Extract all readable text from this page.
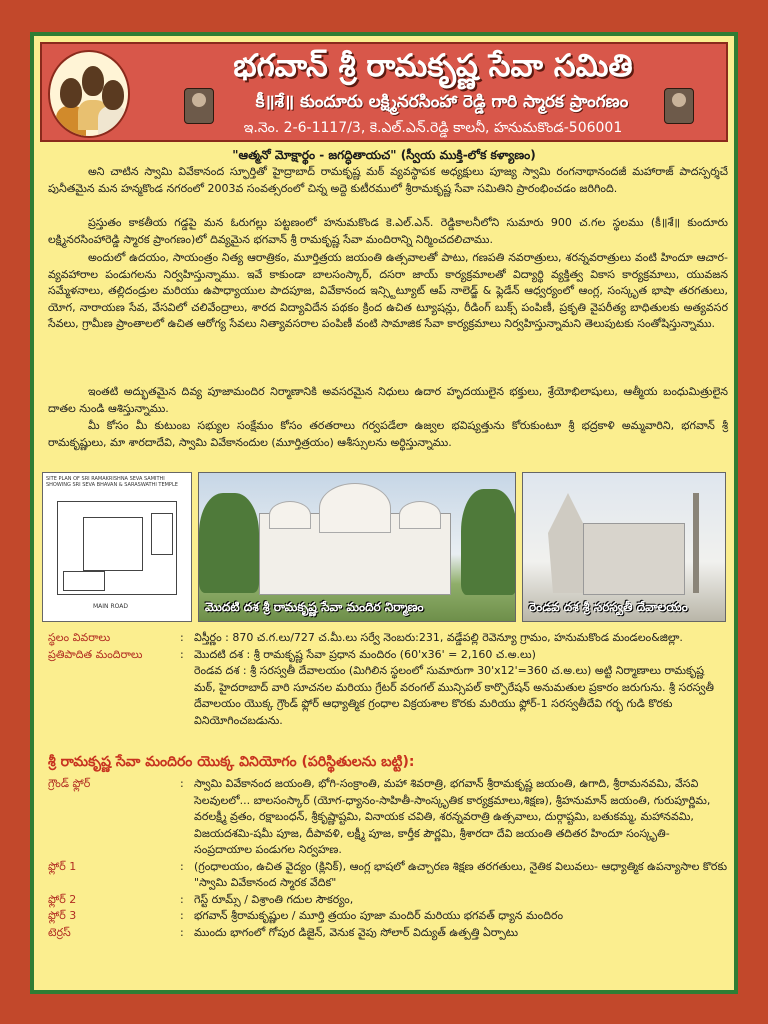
భగవాన్ శ్రీ రామకృష్ణ సేవా సమితి
కీ॥శే॥ కుందూరు లక్ష్మినరసింహా రెడ్డి గారి స్మారక ప్రాంగణం
ఇ.నెం. 2-6-1117/3, కె.ఎల్.ఎన్.రెడ్డి కాలనీ, హనుమకొండ-506001
"ఆత్మనో మోక్షార్థం - జగద్ధితాయచ" (స్వీయ ముక్తి-లోక కళ్యాణం)
అని చాటిన స్వామి వివేకానంద స్ఫూర్తితో హైద్రాబాద్ రామకృష్ణ మఠ్ వ్యవస్థాపక అధ్యక్షులు పూజ్య స్వామి రంగనాథానందజీ మహారాజ్ పాదస్పర్శచే పునీతమైన మన హన్మకొండ నగరంలో 2003వ సంవత్సరంలో చిన్న అద్దె కుటీరములో శ్రీరామకృష్ణ సేవా సమితిని ప్రారంభించడం జరిగింది.
ప్రస్తుతం కాకతీయ గడ్డపై మన ఓరుగల్లు పట్టణంలో హనుమకొండ కె.ఎల్.ఎన్. రెడ్డికాలనీలోని సుమారు 900 చ.గల స్థలము (కీ॥శే॥ కుందూరు లక్ష్మినరసింహారెడ్డి స్మారక ప్రాంగణం)లో దివ్యమైన భగవాన్ శ్రీ రామకృష్ణ సేవా మందిరాన్ని నిర్మించదలిచాము.
అందులో ఉదయం, సాయంత్రం నిత్య ఆరాత్రికం, మూర్తిత్రయ జయంతి ఉత్సవాలతో పాటు, గణపతి నవరాత్రులు, శరన్నవరాత్రులు వంటి హిందూ ఆచార-వ్యవహారాల పండుగలను నిర్వహిస్తున్నాము. ఇవే కాకుండా బాలసంస్కార్, దసరా జాయ్ కార్యక్రమాలతో విద్యార్థి వ్యక్తిత్వ వికాస కార్యక్రమాలు, యువజన సమ్మేళనాలు, తల్లిదండ్రుల మరియు ఉపాధ్యాయుల పాదపూజ, వివేకానంద ఇన్స్టిట్యూట్ ఆప్ నాలెడ్జ్ & ఫ్లెడేన్ ఆధ్వర్యంలో ఆంగ్ల, సంస్కృత భాషా తరగతులు, యోగ, నారాయణ సేవ, వేసవిలో చలివేంద్రాలు, శారద విద్యావిదేన పథకం క్రింద ఉచిత ట్యూషన్లు, రీడింగ్ బుక్స్ పంపిణీ, ప్రకృతి వైపరీత్య బాధితులకు అత్యవసర సేవలు, గ్రామీణ ప్రాంతాలలో ఉచిత ఆరోగ్య సేవలు నిత్యావసరాల పంపిణీ వంటి సామాజిక సేవా కార్యక్రమాలు నిర్వహిస్తున్నామని తెలుపుటకు సంతోషిస్తున్నాము.
ఇంతటి అద్భుతమైన దివ్య పూజామందిర నిర్మాణానికి అవసరమైన నిధులు ఉదార హృదయులైన భక్తులు, శ్రేయోభిలాషులు, ఆత్మీయ బంధుమిత్రులైన దాతల నుండి ఆశిస్తున్నాము.
మీ కోసం మీ కుటుంబ సభ్యుల సంక్షేమం కోసం తరతరాలు గర్వపడేలా ఉజ్వల భవిష్యత్తును కోరుకుంటూ శ్రీ భద్రకాళి అమ్మవారిని, భగవాన్ శ్రీ రామకృష్ణులు, మా శారదాదేవి, స్వామి వివేకానందుల (మూర్తిత్రయం) ఆశీస్సులను అర్థిస్తున్నాము.
SITE PLAN OF SRI RAMAKRISHNA SEVA SAMITHI SHOWING SRI SEVA BHAVAN & SARASWATHI TEMPLE
MAIN ROAD	మొదటి దశ శ్రీ రామకృష్ణ సేవా మందిర నిర్మాణం	రెండవ దశ శ్రీ సరస్వతీ దేవాలయం
స్థలం వివరాలు	: విస్తీర్ణం : 870 చ.గ.లు/727 చ.మీ.లు సర్వే నెంబరు:231, వడ్డేపల్లి రెవెన్యూ గ్రామం, హనుమకొండ మండలం&జిల్లా.
ప్రతిపాదిత మందిరాలు	: మొదటి దశ : శ్రీ రామకృష్ణ సేవా ప్రధాన మందిరం (60'x36' = 2,160 చ.అ.లు)
రెండవ దశ : శ్రీ సరస్వతీ దేవాలయం (మిగిలిన స్థలంలో సుమారుగా 30'x12'=360 చ.అ.లు) అట్టి నిర్మాణాలు రామకృష్ణ మఠ్, హైదరాబాద్ వారి సూచనల మరియు గ్రేటర్ వరంగల్ మున్సిపల్ కార్పొరేషన్ అనుమతుల ప్రకారం జరుగును. శ్రీ సరస్వతీ దేవాలయం యొక్క గ్రౌండ్ ఫ్లోర్ ఆధ్యాత్మిక గ్రంధాల విక్రయశాల కొరకు మరియు ఫ్లోర్-1 సరస్వతీదేవి గర్భ గుడి కొరకు వినియోగించబడును.
శ్రీ రామకృష్ణ సేవా మందిరం యొక్క వినియోగం (పరిస్థితులను బట్టి):
గ్రౌండ్ ఫ్లోర్	: స్వామి వివేకానంద జయంతి, భోగి-సంక్రాంతి, మహా శివరాత్రి, భగవాన్ శ్రీరామకృష్ణ జయంతి, ఉగాది, శ్రీరామనవమి, వేసవి సెలవులలో... బాలసంస్కార్ (యోగ-ధ్యానం-సాహితీ-సాంస్కృతిక కార్యక్రమాలు,శిక్షణ), శ్రీహనుమాన్ జయంతి, గురుపూర్ణిమ, వరలక్ష్మీ వ్రతం, రక్షాబంధన్, శ్రీకృష్ణాష్టమి, వినాయక చవితి, శరన్నవరాత్రి ఉత్సవాలు, దుర్గాష్టమి, బతుకమ్మ, మహానవమి, విజయదశమి-షమీ పూజ, దీపావళి, లక్ష్మీ పూజ, కార్తీక పౌర్ణమి, శ్రీశారదా దేవి జయంతి తదితర హిందూ సంస్కృతి- సంప్రదాయాల పండుగల నిర్వహణ.
ఫ్లోర్ 1	: (గ్రంధాలయం, ఉచిత వైద్యం (క్లినిక్), ఆంగ్ల భాషలో ఉచ్చారణ శిక్షణ తరగతులు, నైతిక విలువలు- ఆధ్యాత్మిక ఉపన్యాసాల కొరకు "స్వామి వివేకానంద స్మారక వేదిక"
ఫ్లోర్ 2	: గెస్ట్ రూమ్స్ / విశ్రాంతి గదుల సౌకర్యం,
ఫ్లోర్ 3	: భగవాన్ శ్రీరామకృష్ణుల / మూర్తి త్రయం పూజా మందిర్ మరియు భగవత్ ధ్యాన మందిరం
టెర్రస్	: ముందు భాగంలో గోపుర డిజైన్, వెనుక వైపు సోలార్ విద్యుత్ ఉత్పత్తి ఏర్పాటు
